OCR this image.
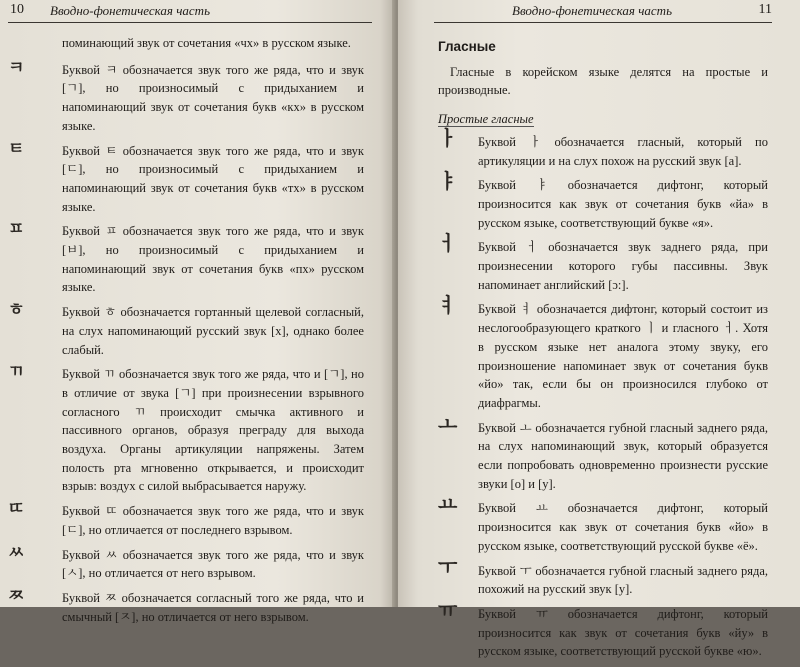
10 Вводно-фонетическая часть
поминающий звук от сочетания «чх» в русском языке.
ㅋ	Буквой ㅋ обозначается звук того же ряда, что и звук [ㄱ], но произносимый с придыханием и напоминающий звук от сочетания букв «кх» в русском языке.
ㅌ	Буквой ㅌ обозначается звук того же ряда, что и звук [ㄷ], но произносимый с придыханием и напоминающий звук от сочетания букв «тх» в русском языке.
ㅍ	Буквой ㅍ обозначается звук того же ряда, что и звук [ㅂ], но произносимый с придыханием и напоминающий звук от сочетания букв «пх» русском языке.
ㅎ	Буквой ㅎ обозначается гортанный щелевой согласный, на слух напоминающий русский звук [х], однако более слабый.
ㄲ	Буквой ㄲ обозначается звук того же ряда, что и [ㄱ], но в отличие от звука [ㄱ] при произнесении взрывного согласного ㄲ происходит смычка активного и пассивного органов, образуя преграду для выхода воздуха. Органы артикуляции напряжены. Затем полость рта мгновенно открывается, и происходит взрыв: воздух с силой выбрасывается наружу.
ㄸ	Буквой ㄸ обозначается звук того же ряда, что и звук [ㄷ], но отличается от последнего взрывом.
ㅆ	Буквой ㅆ обозначается звук того же ряда, что и звук [ㅅ], но отличается от него взрывом.
ㅉ	Буквой ㅉ обозначается согласный того же ряда, что и смычный [ㅈ], но отличается от него взрывом.
Вводно-фонетическая часть	11
Гласные
Гласные в корейском языке делятся на простые и производные.
Простые гласные
ㅏ Буквой ㅏ обозначается гласный, который по артикуляции и на слух похож на русский звук [а].
ㅑ Буквой ㅑ обозначается дифтонг, который произносится как звук от сочетания букв «йа» в русском языке, соответствующий букве «я».
ㅓ Буквой ㅓ обозначается звук заднего ряда, при произнесении которого губы пассивны. Звук напоминает английский [ɔ:].
ㅕ Буквой ㅕ обозначается дифтонг, который состоит из неслогообразующего краткого ㅣ и гласного ㅓ. Хотя в русском языке нет аналога этому звуку, его произношение напоминает звук от сочетания букв «йо» так, если бы он произносился глубоко от диафрагмы.
ㅗ Буквой ㅗ обозначается губной гласный заднего ряда, на слух напоминающий звук, который образуется если попробовать одновременно произнести русские звуки [о] и [у].
ㅛ Буквой ㅛ обозначается дифтонг, который произносится как звук от сочетания букв «йо» в русском языке, соответствующий русской букве «ё».
ㅜ Буквой ㅜ обозначается губной гласный заднего ряда, похожий на русский звук [у].
ㅠ Буквой ㅠ обозначается дифтонг, который произносится как звук от сочетания букв «йу» в русском языке, соответствующий русской букве «ю».
